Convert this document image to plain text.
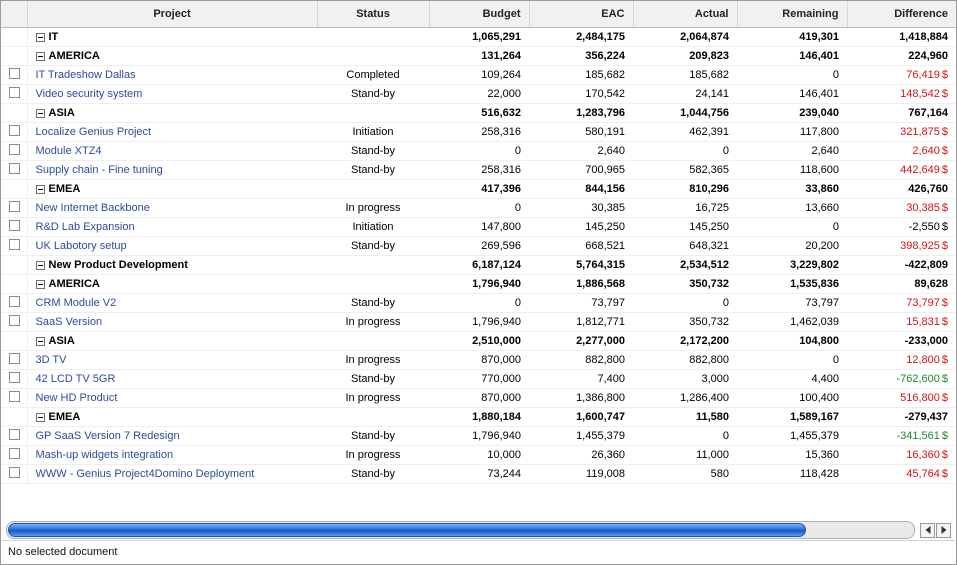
	Project	Status	Budget	EAC	Actual	Remaining	Difference
	IT		1,065,291	2,484,175	2,064,874	419,301	1,418,884
	AMERICA		131,264	356,224	209,823	146,401	224,960
	IT Tradeshow Dallas	Completed	109,264	185,682	185,682	0	76,419 $
	Video security system	Stand-by	22,000	170,542	24,141	146,401	148,542 $
	ASIA		516,632	1,283,796	1,044,756	239,040	767,164
	Localize Genius Project	Initiation	258,316	580,191	462,391	117,800	321,875 $
	Module XTZ4	Stand-by	0	2,640	0	2,640	2,640 $
	Supply chain - Fine tuning	Stand-by	258,316	700,965	582,365	118,600	442,649 $
	EMEA		417,396	844,156	810,296	33,860	426,760
	New Internet Backbone	In progress	0	30,385	16,725	13,660	30,385 $
	R&D Lab Expansion	Initiation	147,800	145,250	145,250	0	-2,550 $
	UK Labotory setup	Stand-by	269,596	668,521	648,321	20,200	398,925 $
	New Product Development		6,187,124	5,764,315	2,534,512	3,229,802	-422,809
	AMERICA		1,796,940	1,886,568	350,732	1,535,836	89,628
	CRM Module V2	Stand-by	0	73,797	0	73,797	73,797 $
	SaaS Version	In progress	1,796,940	1,812,771	350,732	1,462,039	15,831 $
	ASIA		2,510,000	2,277,000	2,172,200	104,800	-233,000
	3D TV	In progress	870,000	882,800	882,800	0	12,800 $
	42 LCD TV 5GR	Stand-by	770,000	7,400	3,000	4,400	-762,600 $
	New HD Product	In progress	870,000	1,386,800	1,286,400	100,400	516,800 $
	EMEA		1,880,184	1,600,747	11,580	1,589,167	-279,437
	GP SaaS Version 7 Redesign	Stand-by	1,796,940	1,455,379	0	1,455,379	-341,561 $
	Mash-up widgets integration	In progress	10,000	26,360	11,000	15,360	16,360 $
	WWW - Genius Project4Domino Deployment	Stand-by	73,244	119,008	580	118,428	45,764 $
No selected document
